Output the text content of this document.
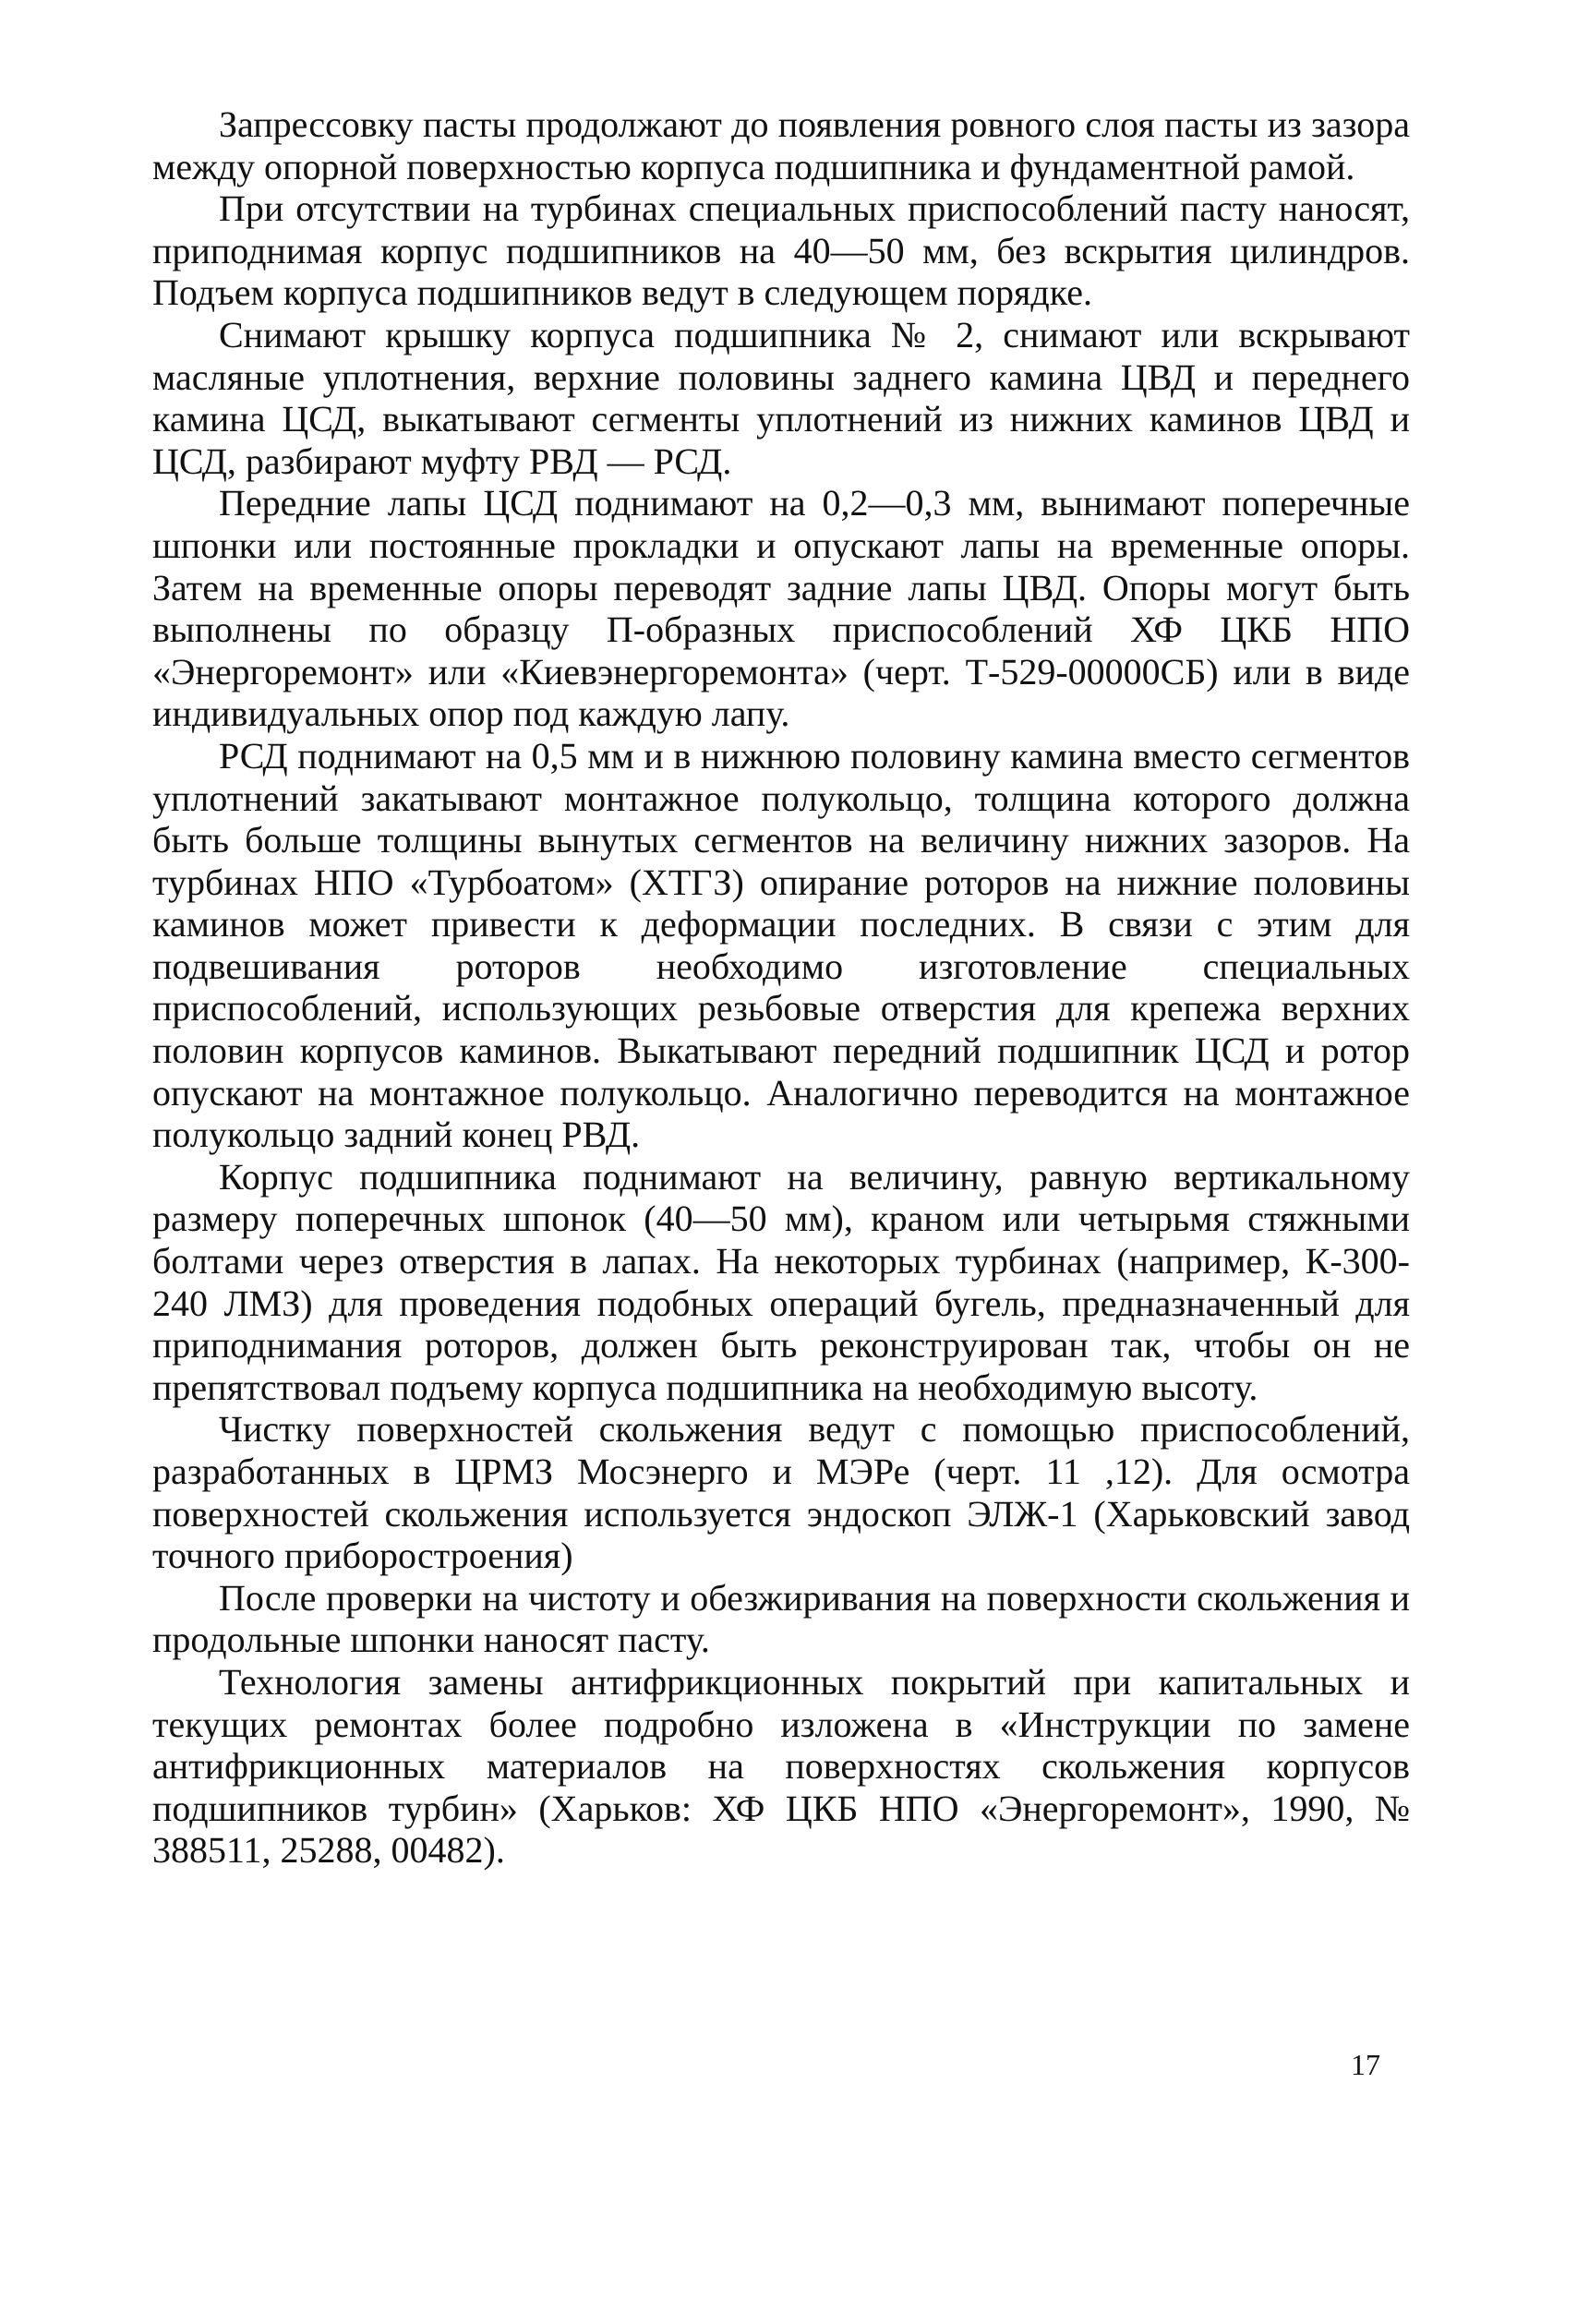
Запрессовку пасты продолжают до появления ровного слоя пасты из зазора между опорной поверхностью корпуса подшипника и фундаментной рамой.

При отсутствии на турбинах специальных приспособлений пасту наносят, приподнимая корпус подшипников на 40—50 мм, без вскрытия цилиндров. Подъем корпуса подшипников ведут в следующем порядке.

Снимают крышку корпуса подшипника № 2, снимают или вскрывают масляные уплотнения, верхние половины заднего камина ЦВД и переднего камина ЦСД, выкатывают сегменты уплотнений из нижних каминов ЦВД и ЦСД, разбирают муфту РВД — РСД.

Передние лапы ЦСД поднимают на 0,2—0,3 мм, вынимают поперечные шпонки или постоянные прокладки и опускают лапы на временные опоры. Затем на временные опоры переводят задние лапы ЦВД. Опоры могут быть выполнены по образцу П-образных приспособлений ХФ ЦКБ НПО «Энергоремонт» или «Киевэнергоремонта» (черт. Т-529-00000СБ) или в виде индивидуальных опор под каждую лапу.

РСД поднимают на 0,5 мм и в нижнюю половину камина вместо сегментов уплотнений закатывают монтажное полукольцо, толщина которого должна быть больше толщины вынутых сегментов на величину нижних зазоров. На турбинах НПО «Турбоатом» (ХТГЗ) опирание роторов на нижние половины каминов может привести к деформации последних. В связи с этим для подвешивания роторов необходимо изготовление специальных приспособлений, использующих резьбовые отверстия для крепежа верхних половин корпусов каминов. Выкатывают передний подшипник ЦСД и ротор опускают на монтажное полукольцо. Аналогично переводится на монтажное полукольцо задний конец РВД.

Корпус подшипника поднимают на величину, равную вертикальному размеру поперечных шпонок (40—50 мм), краном или четырьмя стяжными болтами через отверстия в лапах. На некоторых турбинах (например, К-300-240 ЛМЗ) для проведения подобных операций бугель, предназначенный для приподнимания роторов, должен быть реконструирован так, чтобы он не препятствовал подъему корпуса подшипника на необходимую высоту.

Чистку поверхностей скольжения ведут с помощью приспособлений, разработанных в ЦРМЗ Мосэнерго и МЭРе (черт. 11 ,12). Для осмотра поверхностей скольжения используется эндоскоп ЭЛЖ-1 (Харьковский завод точного приборостроения)

После проверки на чистоту и обезжиривания на поверхности скольжения и продольные шпонки наносят пасту.

Технология замены антифрикционных покрытий при капитальных и текущих ремонтах более подробно изложена в «Инструкции по замене антифрикционных материалов на поверхностях скольжения корпусов подшипников турбин» (Харьков: ХФ ЦКБ НПО «Энергоремонт», 1990, № 388511, 25288, 00482).

17
